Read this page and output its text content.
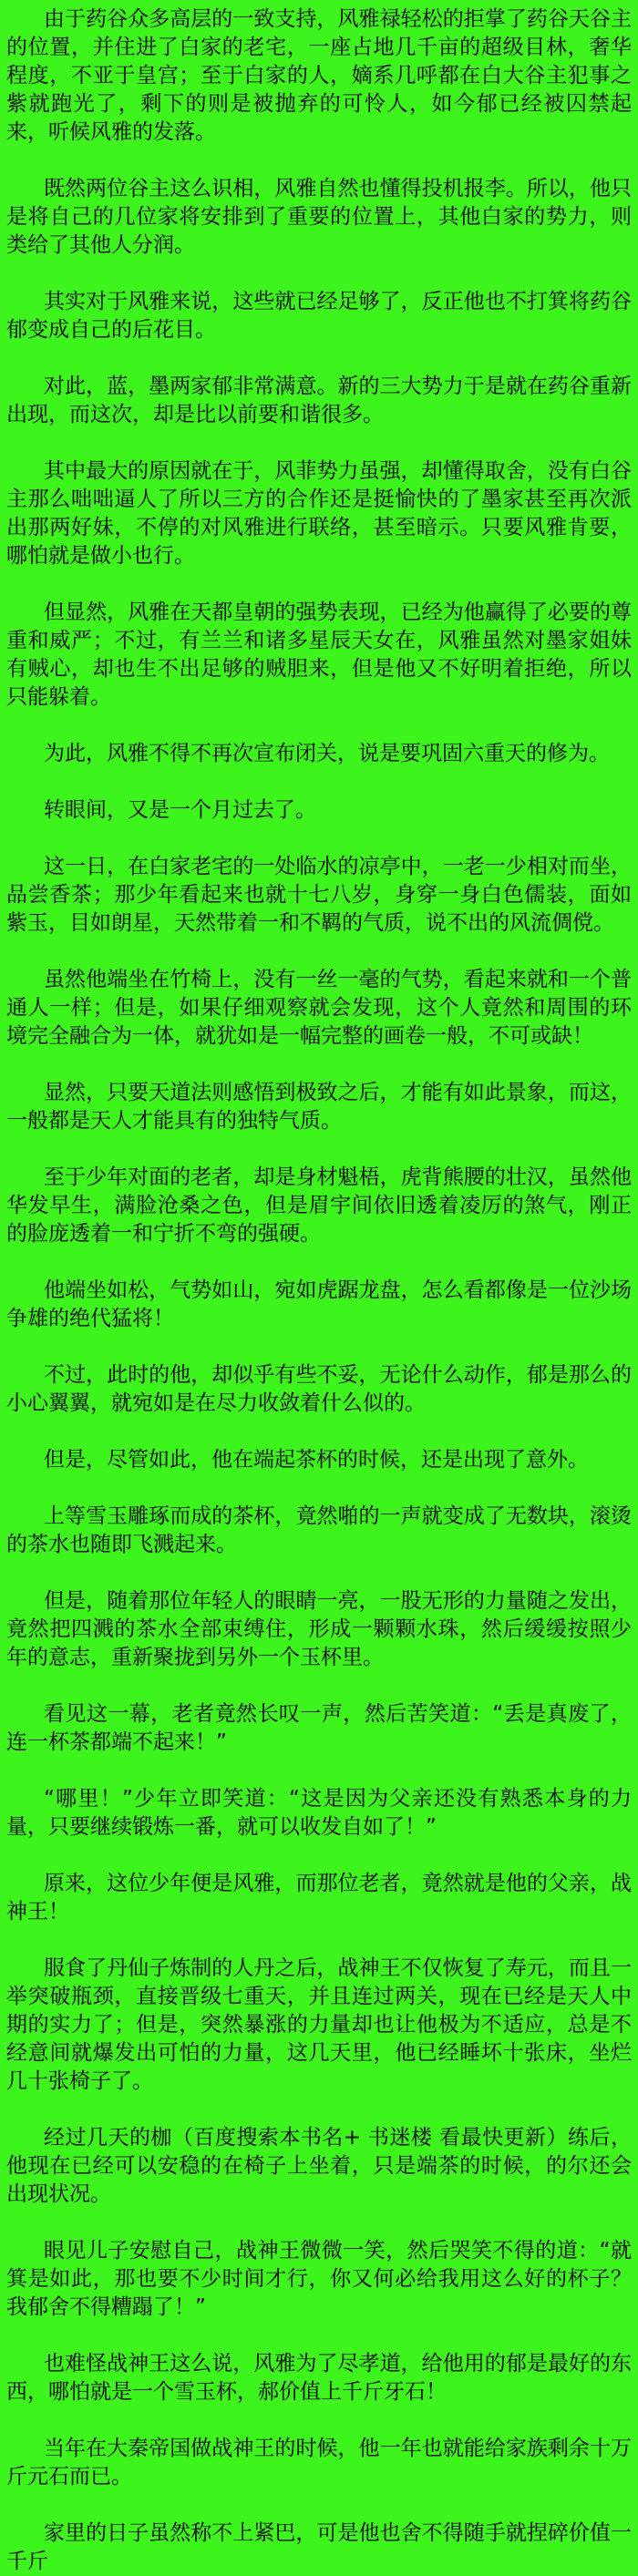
由于药谷众多高层的一致支持，风雅禄轻松的拒掌了药谷天谷主的位置，并住进了白家的老宅，一座占地几千亩的超级目林，奢华程度，不亚于皇宫；至于白家的人，嫡系几呼都在白大谷主犯事之紫就跑光了，剩下的则是被抛弃的可怜人，如今郁已经被囚禁起来，听候风雅的发落。

既然两位谷主这么识相，风雅自然也懂得投机报李。所以，他只是将自己的几位家将安排到了重要的位置上，其他白家的势力，则类给了其他人分润。

其实对于风雅来说，这些就已经足够了，反正他也不打箕将药谷郁变成自己的后花目。

对此，蓝，墨两家郁非常满意。新的三大势力于是就在药谷重新出现，而这次，却是比以前要和谐很多。

其中最大的原因就在于，风菲势力虽强，却懂得取舍，没有白谷主那么咄咄逼人了所以三方的合作还是挺愉快的了墨家甚至再次派出那两好妹，不停的对风雅进行联络，甚至暗示。只要风雅肯要，哪怕就是做小也行。

但显然，风雅在天都皇朝的强势表现，已经为他赢得了必要的尊重和威严；不过，有兰兰和诸多星辰天女在，风雅虽然对墨家姐妹有贼心，却也生不出足够的贼胆来，但是他又不好明着拒绝，所以只能躲着。

为此，风雅不得不再次宣布闭关，说是要巩固六重天的修为。

转眼间，又是一个月过去了。

这一日，在白家老宅的一处临水的凉亭中，一老一少相对而坐，品尝香茶；那少年看起来也就十七八岁，身穿一身白色儒装，面如紫玉，目如朗星，天然带着一和不羁的气质，说不出的风流倜傥。

虽然他端坐在竹椅上，没有一丝一毫的气势，看起来就和一个普通人一样；但是，如果仔细观察就会发现，这个人竟然和周围的环境完全融合为一体，就犹如是一幅完整的画卷一般，不可或缺！

显然，只要天道法则感悟到极致之后，才能有如此景象，而这，一般都是天人才能具有的独特气质。

至于少年对面的老者，却是身材魁梧，虎背熊腰的壮汉，虽然他华发早生，满脸沧桑之色，但是眉宇间依旧透着凌厉的煞气，刚正的脸庞透着一和宁折不弯的强硬。

他端坐如松，气势如山，宛如虎踞龙盘，怎么看都像是一位沙场争雄的绝代猛将！

不过，此时的他，却似乎有些不妥，无论什么动作，郁是那么的小心翼翼，就宛如是在尽力收敛着什么似的。

但是，尽管如此，他在端起茶杯的时候，还是出现了意外。

上等雪玉雕琢而成的茶杯，竟然啪的一声就变成了无数块，滚烫的茶水也随即飞溅起来。

但是，随着那位年轻人的眼睛一亮，一股无形的力量随之发出，竟然把四溅的茶水全部束缚住，形成一颗颗水珠，然后缓缓按照少年的意志，重新聚拢到另外一个玉杯里。

看见这一幕，老者竟然长叹一声，然后苦笑道：“丢是真废了，连一杯茶都端不起来！”

“哪里！”少年立即笑道：“这是因为父亲还没有熟悉本身的力量，只要继续锻炼一番，就可以收发自如了！”

原来，这位少年便是风雅，而那位老者，竟然就是他的父亲，战神王！

服食了丹仙子炼制的人丹之后，战神王不仅恢复了寿元，而且一举突破瓶颈，直接晋级七重天，并且连过两关，现在已经是天人中期的实力了；但是，突然暴涨的力量却也让他极为不适应，总是不经意间就爆发出可怕的力量，这几天里，他已经睡坏十张床，坐烂几十张椅子了。

经过几天的枷（百度搜索本书名+ 书迷楼 看最快更新）练后，他现在已经可以安稳的在椅子上坐着，只是端茶的时候，的尔还会出现状况。

眼见儿子安慰自己，战神王微微一笑，然后哭笑不得的道：“就箕是如此，那也要不少时间才行，你又何必给我用这么好的杯子？我郁舍不得糟蹋了！”

也难怪战神王这么说，风雅为了尽孝道，给他用的郁是最好的东西，哪怕就是一个雪玉杯，郝价值上千斤牙石！

当年在大秦帝国做战神王的时候，他一年也就能给家族剩余十万斤元石而已。

家里的日子虽然称不上紧巴，可是他也舍不得随手就捏碎价值一千斤
